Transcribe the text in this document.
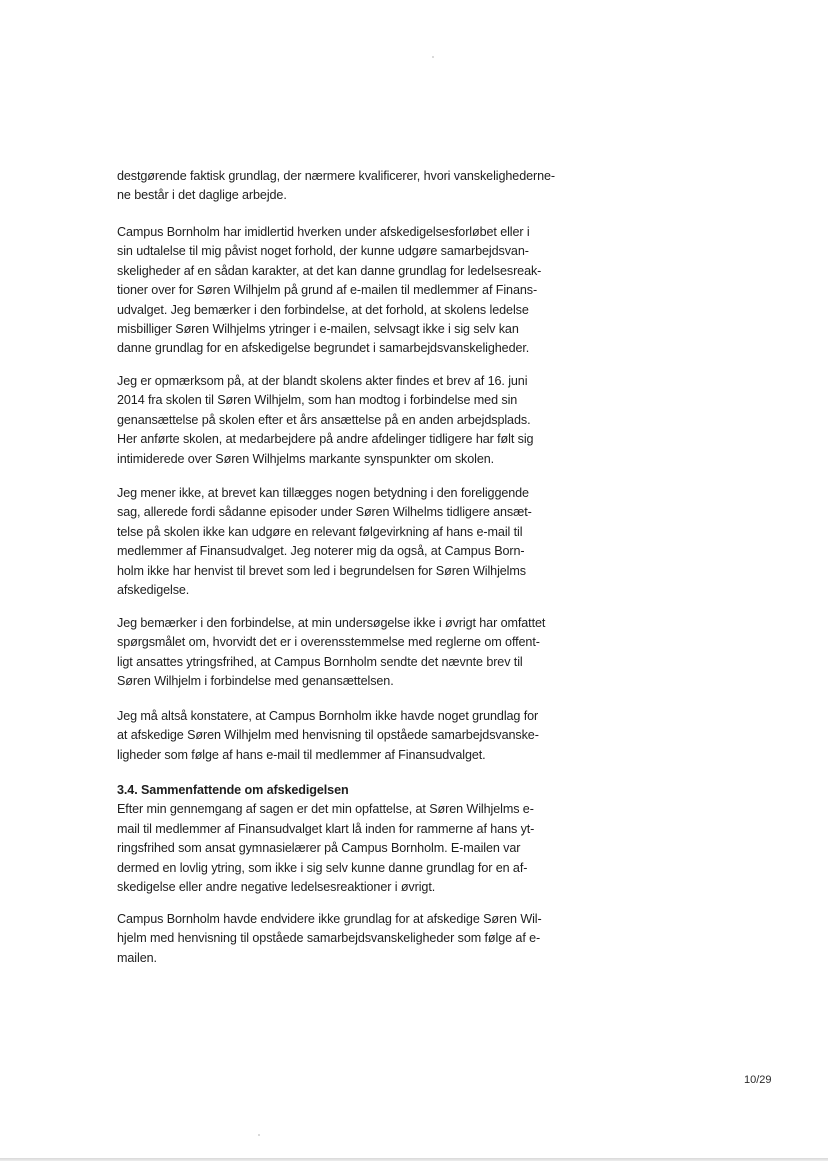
destgørende faktisk grundlag, der nærmere kvalificerer, hvori vanskelighederne-
ne består i det daglige arbejde.
Campus Bornholm har imidlertid hverken under afskedigelsesforløbet eller i
sin udtalelse til mig påvist noget forhold, der kunne udgøre samarbejdsvan-
skeligheder af en sådan karakter, at det kan danne grundlag for ledelsesreak-
tioner over for Søren Wilhjelm på grund af e-mailen til medlemmer af Finans-
udvalget. Jeg bemærker i den forbindelse, at det forhold, at skolens ledelse
misbilliger Søren Wilhjelms ytringer i e-mailen, selvsagt ikke i sig selv kan
danne grundlag for en afskedigelse begrundet i samarbejdsvanskeligheder.
Jeg er opmærksom på, at der blandt skolens akter findes et brev af 16. juni
2014 fra skolen til Søren Wilhjelm, som han modtog i forbindelse med sin
genansættelse på skolen efter et års ansættelse på en anden arbejdsplads.
Her anførte skolen, at medarbejdere på andre afdelinger tidligere har følt sig
intimiderede over Søren Wilhjelms markante synspunkter om skolen.
Jeg mener ikke, at brevet kan tillægges nogen betydning i den foreliggende
sag, allerede fordi sådanne episoder under Søren Wilhelms tidligere ansæt-
telse på skolen ikke kan udgøre en relevant følgevirkning af hans e-mail til
medlemmer af Finansudvalget. Jeg noterer mig da også, at Campus Born-
holm ikke har henvist til brevet som led i begrundelsen for Søren Wilhjelms
afskedigelse.
Jeg bemærker i den forbindelse, at min undersøgelse ikke i øvrigt har omfattet
spørgsmålet om, hvorvidt det er i overensstemmelse med reglerne om offent-
ligt ansattes ytringsfrihed, at Campus Bornholm sendte det nævnte brev til
Søren Wilhjelm i forbindelse med genansættelsen.
Jeg må altså konstatere, at Campus Bornholm ikke havde noget grundlag for
at afskedige Søren Wilhjelm med henvisning til opståede samarbejdsvanske-
ligheder som følge af hans e-mail til medlemmer af Finansudvalget.
3.4. Sammenfattende om afskedigelsen
Efter min gennemgang af sagen er det min opfattelse, at Søren Wilhjelms e-
mail til medlemmer af Finansudvalget klart lå inden for rammerne af hans yt-
ringsfrihed som ansat gymnasielærer på Campus Bornholm. E-mailen var
dermed en lovlig ytring, som ikke i sig selv kunne danne grundlag for en af-
skedigelse eller andre negative ledelsesreaktioner i øvrigt.
Campus Bornholm havde endvidere ikke grundlag for at afskedige Søren Wil-
hjelm med henvisning til opståede samarbejdsvanskeligheder som følge af e-
mailen.
10/29
